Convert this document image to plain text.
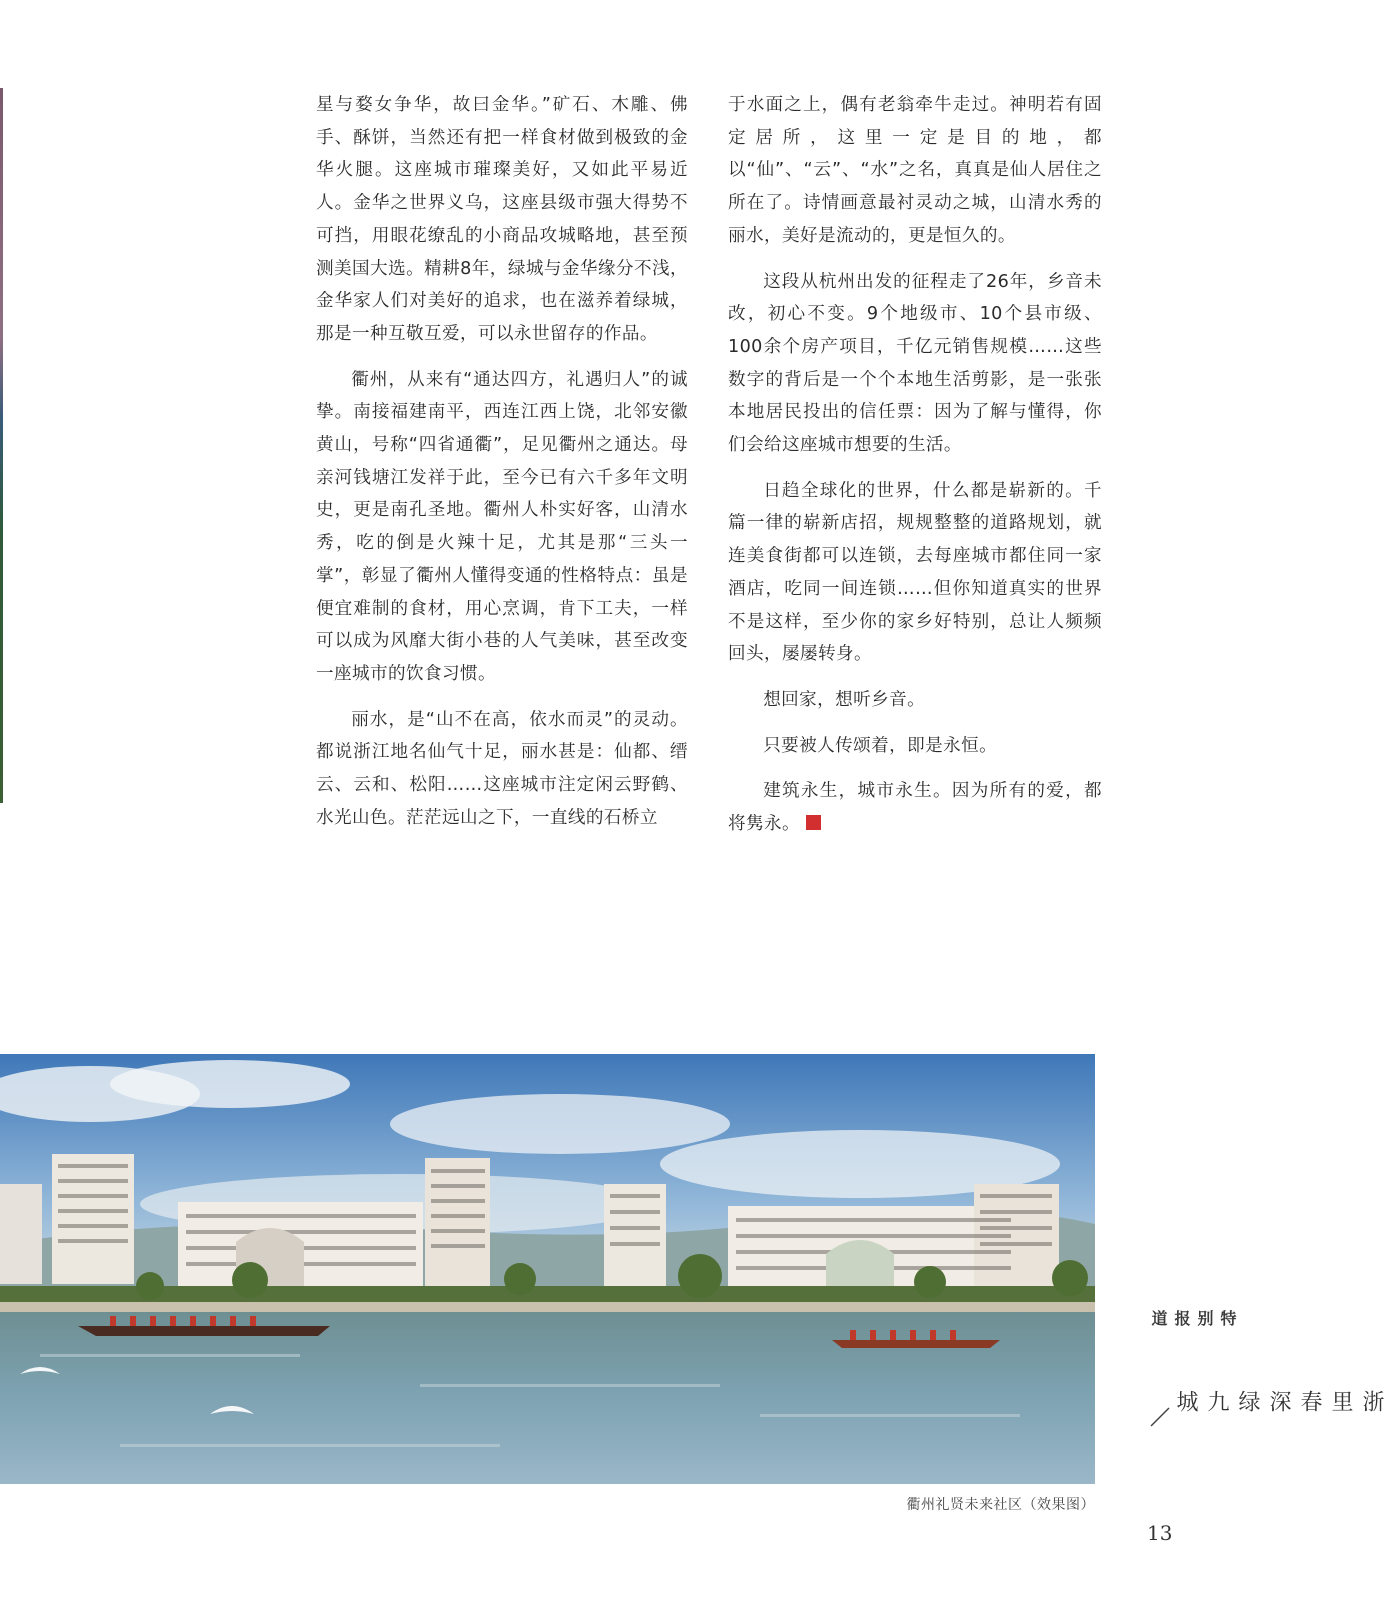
星与婺女争华，故曰金华。”矿石、木雕、佛手、酥饼，当然还有把一样食材做到极致的金华火腿。这座城市璀璨美好，又如此平易近人。金华之世界义乌，这座县级市强大得势不可挡，用眼花缭乱的小商品攻城略地，甚至预测美国大选。精耕8年，绿城与金华缘分不浅，金华家人们对美好的追求，也在滋养着绿城，那是一种互敬互爱，可以永世留存的作品。

衢州，从来有“通达四方，礼遇归人”的诚挚。南接福建南平，西连江西上饶，北邻安徽黄山，号称“四省通衢”，足见衢州之通达。母亲河钱塘江发祥于此，至今已有六千多年文明史，更是南孔圣地。衢州人朴实好客，山清水秀，吃的倒是火辣十足，尤其是那“三头一掌”，彰显了衢州人懂得变通的性格特点：虽是便宜难制的食材，用心烹调，肯下工夫，一样可以成为风靡大街小巷的人气美味，甚至改变一座城市的饮食习惯。

丽水，是“山不在高，依水而灵”的灵动。都说浙江地名仙气十足，丽水甚是：仙都、缙云、云和、松阳……这座城市注定闲云野鹤、水光山色。茫茫远山之下，一直线的石桥立

于水面之上，偶有老翁牵牛走过。神明若有固定居所，这里一定是目的地，都以“仙”、“云”、“水”之名，真真是仙人居住之所在了。诗情画意最衬灵动之城，山清水秀的丽水，美好是流动的，更是恒久的。

这段从杭州出发的征程走了26年，乡音未改，初心不变。9个地级市、10个县市级、100余个房产项目，千亿元销售规模……这些数字的背后是一个个本地生活剪影，是一张张本地居民投出的信任票：因为了解与懂得，你们会给这座城市想要的生活。

日趋全球化的世界，什么都是崭新的。千篇一律的崭新店招，规规整整的道路规划，就连美食街都可以连锁，去每座城市都住同一家酒店，吃同一间连锁……但你知道真实的世界不是这样，至少你的家乡好特别，总让人频频回头，屡屡转身。

想回家，想听乡音。

只要被人传颂着，即是永恒。

建筑永生，城市永生。因为所有的爱，都将隽永。

衢州礼贤未来社区（效果图）
特别报道
浙里春深绿九城
13
